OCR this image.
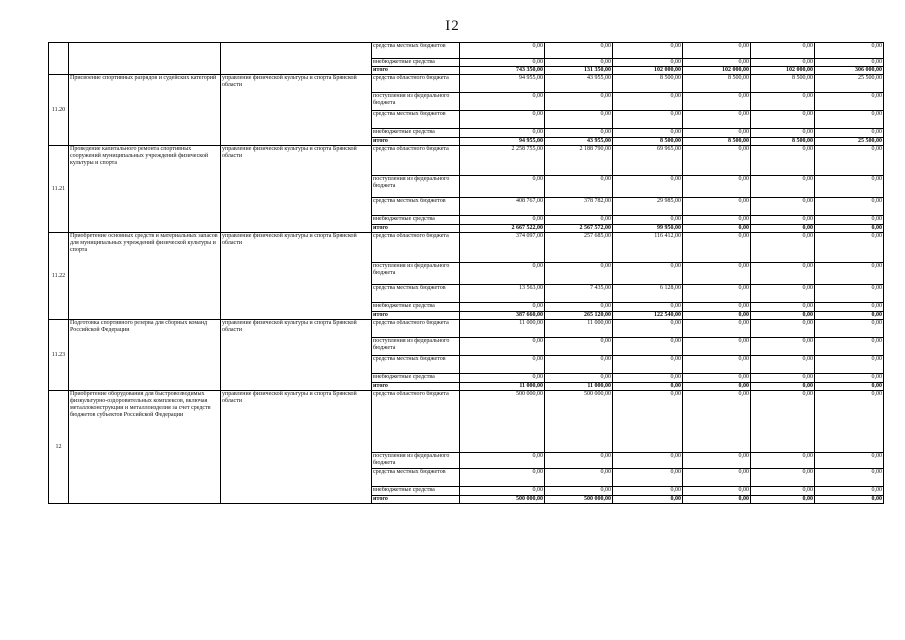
I2
			средства местных бюджетов	0,00	0,00	0,00	0,00	0,00	0,00
			внебюджетные средства	0,00	0,00	0,00	0,00	0,00	0,00
			итого	743 350,00	131 350,00	102 000,00	102 000,00	102 000,00	306 000,00
11.20	Присвоение спортивных разрядов и судейских категорий	управление физической культуры и спорта Брянской области	средства областного бюджета	94 955,00	43 955,00	8 500,00	8 500,00	8 500,00	25 500,00
			поступления из федерального бюджета	0,00	0,00	0,00	0,00	0,00	0,00
			средства местных бюджетов	0,00	0,00	0,00	0,00	0,00	0,00
			внебюджетные средства	0,00	0,00	0,00	0,00	0,00	0,00
			итого	94 955,00	43 955,00	8 500,00	8 500,00	8 500,00	25 500,00
11.21	Проведение капитального ремонта спортивных сооружений муниципальных учреждений физической культуры и спорта	управление физической культуры и спорта Брянской области	средства областного бюджета	2 258 755,00	2 188 790,00	69 965,00	0,00	0,00	0,00
			поступления из федерального бюджета	0,00	0,00	0,00	0,00	0,00	0,00
			средства местных бюджетов	408 767,00	378 782,00	29 985,00	0,00	0,00	0,00
			внебюджетные средства	0,00	0,00	0,00	0,00	0,00	0,00
			итого	2 667 522,00	2 567 572,00	99 950,00	0,00	0,00	0,00
11.22	Приобретение основных средств и материальных запасов для муниципальных учреждений физической культуры и спорта	управление физической культуры и спорта Брянской области	средства областного бюджета	374 097,00	257 685,00	116 412,00	0,00	0,00	0,00
			поступления из федерального бюджета	0,00	0,00	0,00	0,00	0,00	0,00
			средства местных бюджетов	13 563,00	7 435,00	6 128,00	0,00	0,00	0,00
			внебюджетные средства	0,00	0,00	0,00	0,00	0,00	0,00
			итого	387 660,00	265 120,00	122 540,00	0,00	0,00	0,00
11.23	Подготовка спортивного резерва для сборных команд Российской Федерации	управление физической культуры и спорта Брянской области	средства областного бюджета	11 000,00	11 000,00	0,00	0,00	0,00	0,00
			поступления из федерального бюджета	0,00	0,00	0,00	0,00	0,00	0,00
			средства местных бюджетов	0,00	0,00	0,00	0,00	0,00	0,00
			внебюджетные средства	0,00	0,00	0,00	0,00	0,00	0,00
			итого	11 000,00	11 000,00	0,00	0,00	0,00	0,00
12	Приобретение оборудования для быстровозводимых физкультурно-оздоровительных комплексов, включая металлоконструкции и металлоизделия за счет средств бюджетов субъектов Российской Федерации	управление физической культуры и спорта Брянской области	средства областного бюджета	500 000,00	500 000,00	0,00	0,00	0,00	0,00
			поступления из федерального бюджета	0,00	0,00	0,00	0,00	0,00	0,00
			средства местных бюджетов	0,00	0,00	0,00	0,00	0,00	0,00
			внебюджетные средства	0,00	0,00	0,00	0,00	0,00	0,00
			итого	500 000,00	500 000,00	0,00	0,00	0,00	0,00
